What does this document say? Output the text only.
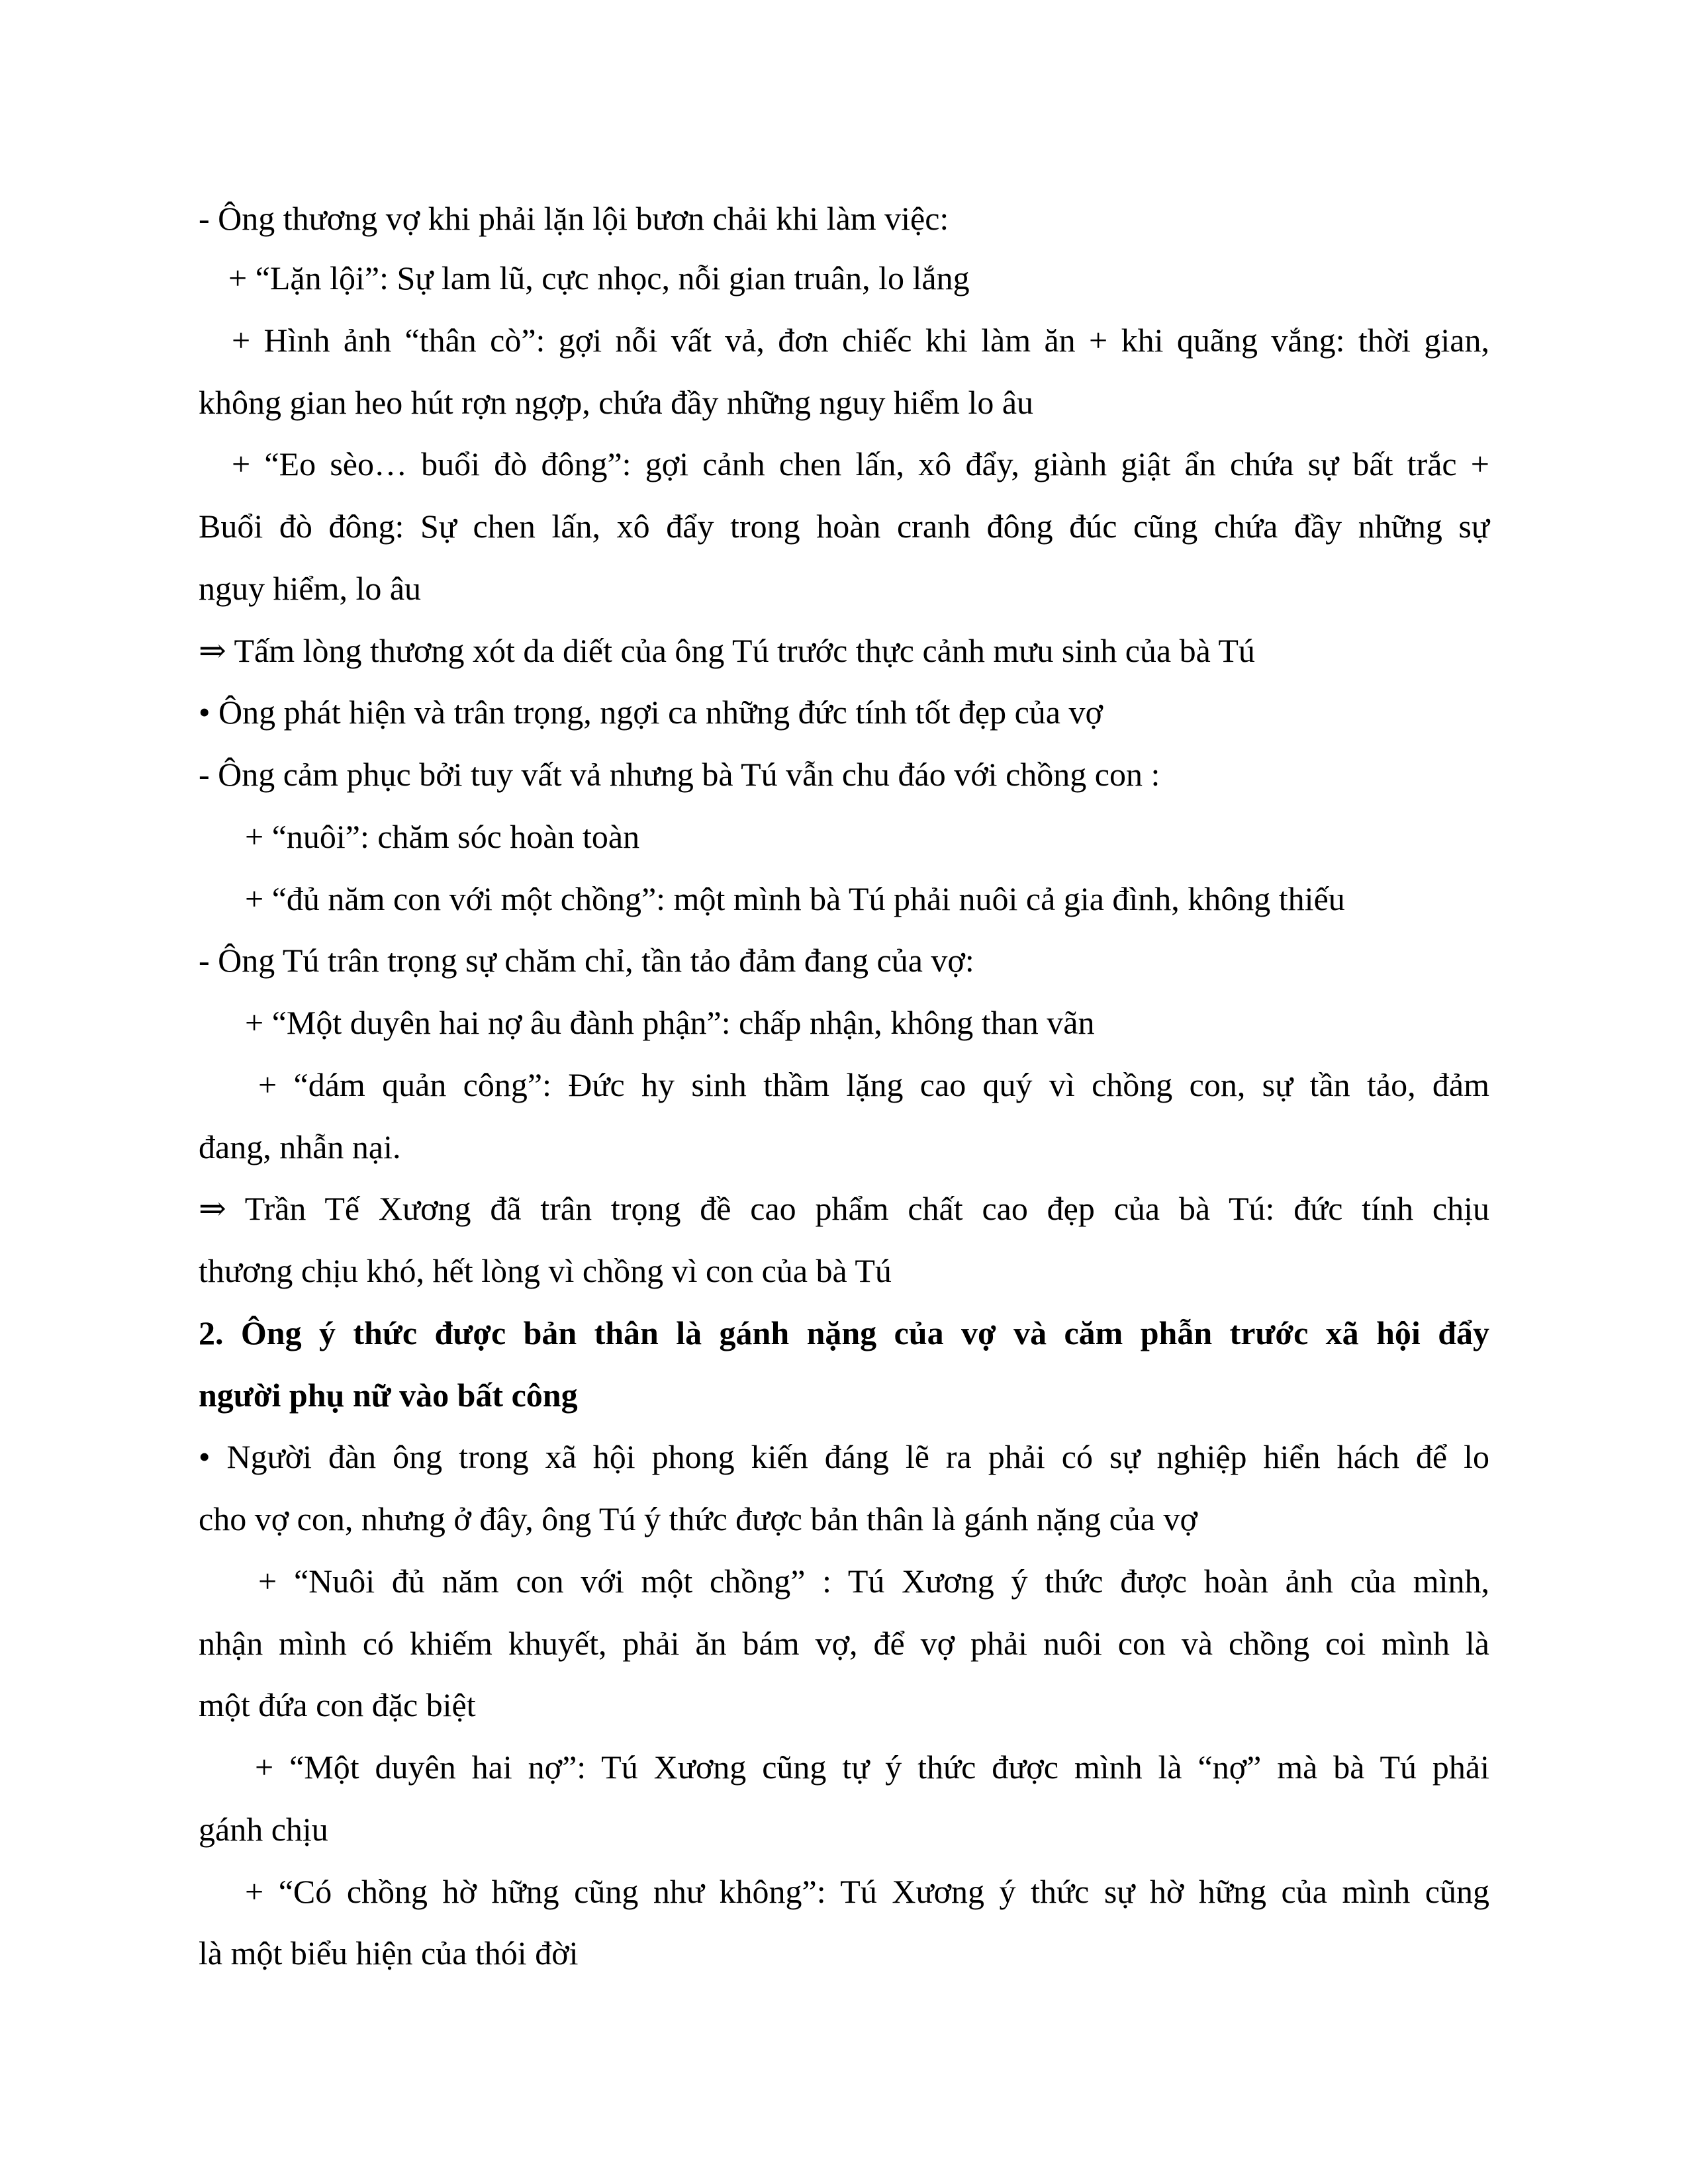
- Ông thương vợ khi phải lặn lội bươn chải khi làm việc:
+ “Lặn lội”: Sự lam lũ, cực nhọc, nỗi gian truân, lo lắng
+ Hình ảnh “thân cò”: gợi nỗi vất vả, đơn chiếc khi làm ăn + khi quãng vắng: thời gian,
không gian heo hút rợn ngợp, chứa đầy những nguy hiểm lo âu
+ “Eo sèo… buổi đò đông”: gợi cảnh chen lấn, xô đẩy, giành giật ẩn chứa sự bất trắc +
Buổi đò đông: Sự chen lấn, xô đẩy trong hoàn cranh đông đúc cũng chứa đầy những sự
nguy hiểm, lo âu
⇒ Tấm lòng thương xót da diết của ông Tú trước thực cảnh mưu sinh của bà Tú
• Ông phát hiện và trân trọng, ngợi ca những đức tính tốt đẹp của vợ
- Ông cảm phục bởi tuy vất vả nhưng bà Tú vẫn chu đáo với chồng con :
+ “nuôi”: chăm sóc hoàn toàn
+ “đủ năm con với một chồng”: một mình bà Tú phải nuôi cả gia đình, không thiếu
- Ông Tú trân trọng sự chăm chỉ, tần tảo đảm đang của vợ:
+ “Một duyên hai nợ âu đành phận”: chấp nhận, không than vãn
+ “dám quản công”: Đức hy sinh thầm lặng cao quý vì chồng con, sự tần tảo, đảm
đang, nhẫn nại.
⇒ Trần Tế Xương đã trân trọng đề cao phẩm chất cao đẹp của bà Tú: đức tính chịu
thương chịu khó, hết lòng vì chồng vì con của bà Tú
2. Ông ý thức được bản thân là gánh nặng của vợ và căm phẫn trước xã hội đẩy
người phụ nữ vào bất công
• Người đàn ông trong xã hội phong kiến đáng lẽ ra phải có sự nghiệp hiển hách để lo
cho vợ con, nhưng ở đây, ông Tú ý thức được bản thân là gánh nặng của vợ
+ “Nuôi đủ năm con với một chồng” : Tú Xương ý thức được hoàn ảnh của mình,
nhận mình có khiếm khuyết, phải ăn bám vợ, để vợ phải nuôi con và chồng coi mình là
một đứa con đặc biệt
+ “Một duyên hai nợ”: Tú Xương cũng tự ý thức được mình là “nợ” mà bà Tú phải
gánh chịu
+ “Có chồng hờ hững cũng như không”: Tú Xương ý thức sự hờ hững của mình cũng
là một biểu hiện của thói đời
